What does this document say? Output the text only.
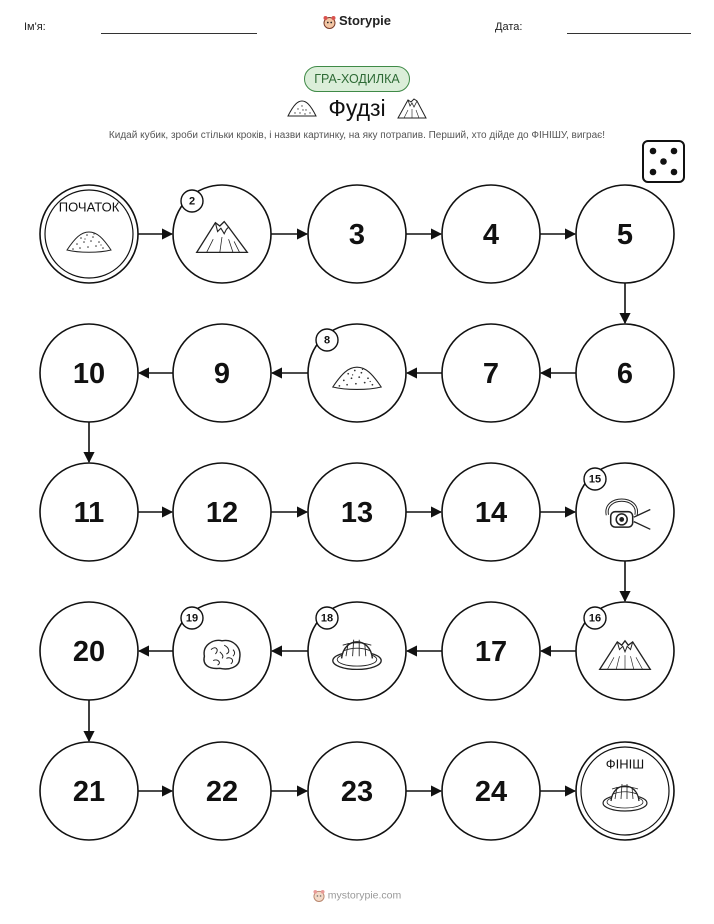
Ім'я:	Storypie	Дата:
ГРА-ХОДИЛКА
Фудзі
Кидай кубик, зроби стільки кроків, і назви картинку, на яку потрапив. Перший, хто дійде до ФІНІШУ, виграє!
ПОЧАТОК	2
3	4	5
6
7
8
9
10
11	12	13	14
15
16
17
18
19
20
21	22	23	24
ФІНІШ
mystorypie.com
